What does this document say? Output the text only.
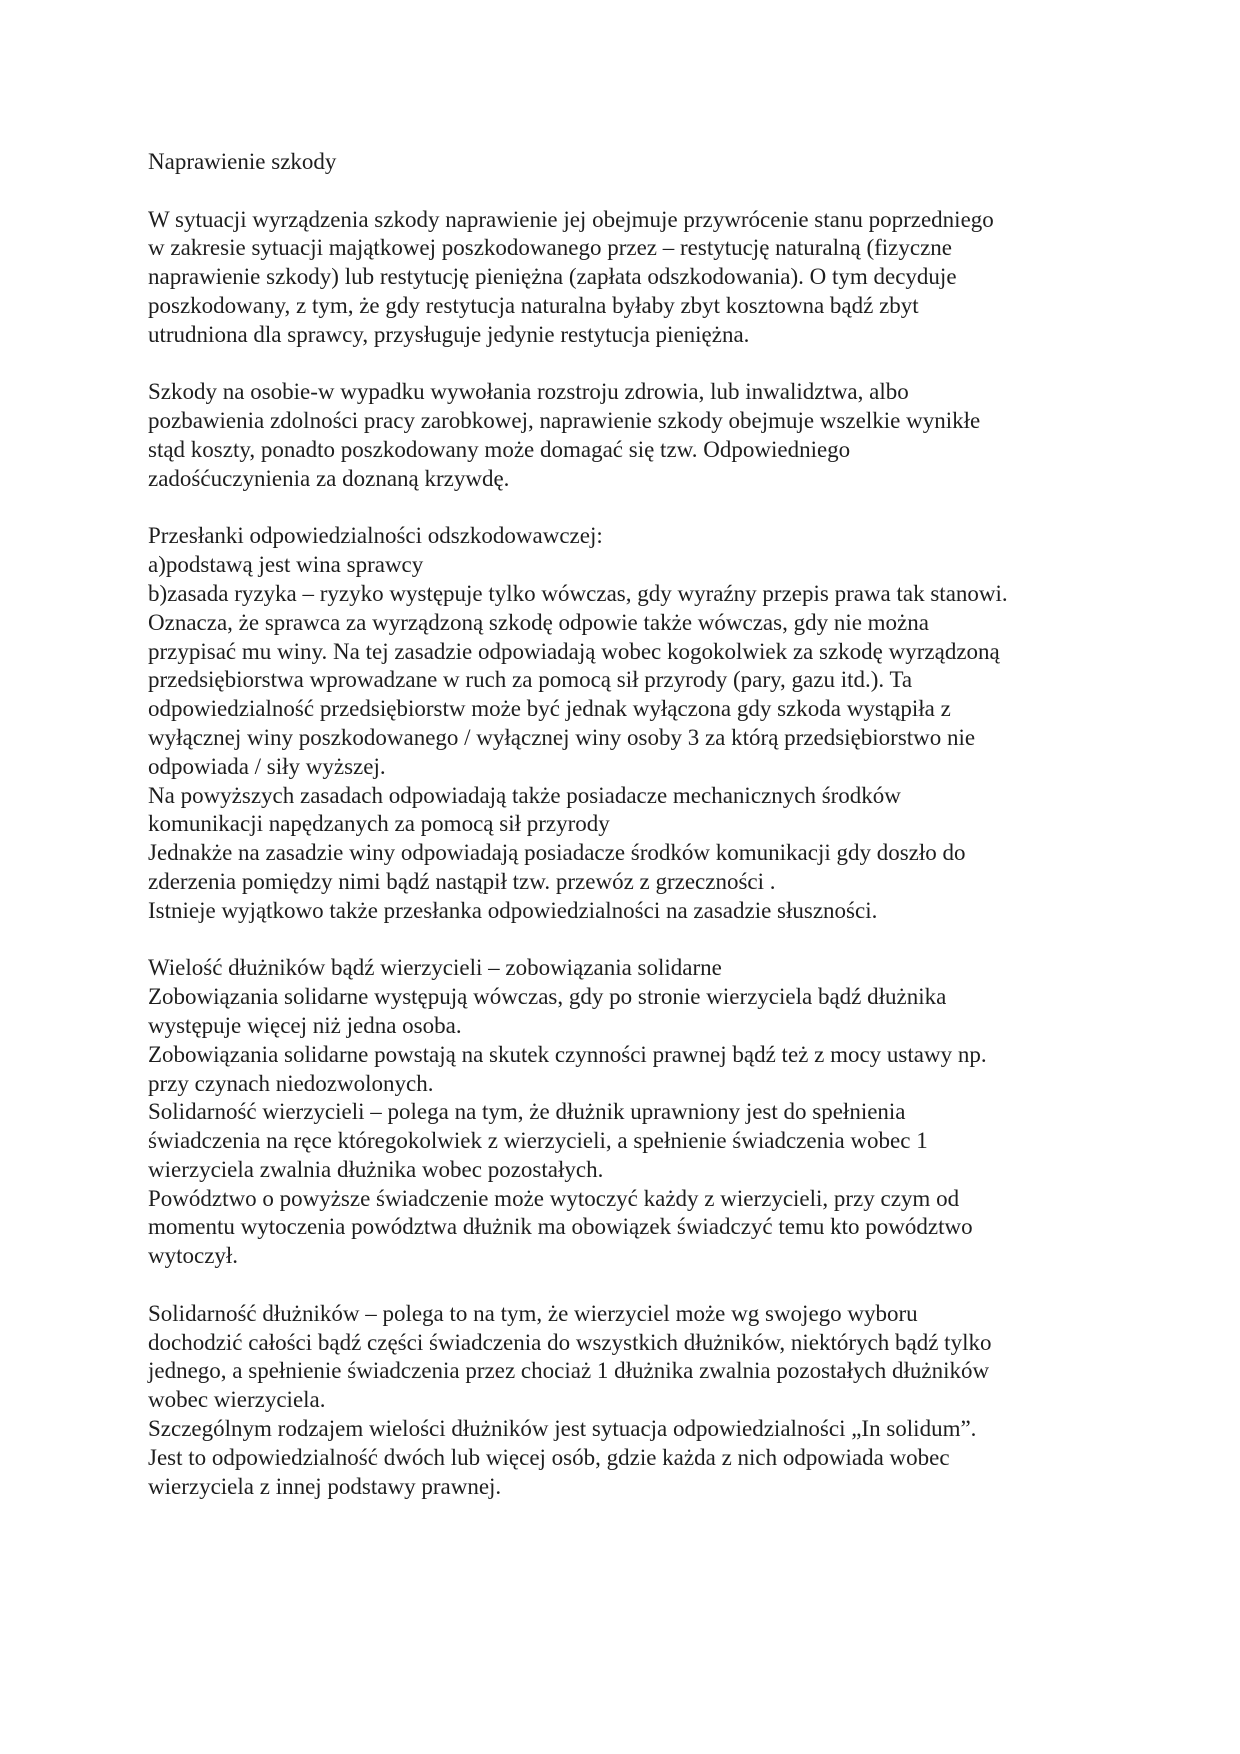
Naprawienie szkody
W sytuacji wyrządzenia szkody naprawienie jej obejmuje przywrócenie stanu poprzedniego
w zakresie sytuacji majątkowej poszkodowanego przez – restytucję naturalną (fizyczne
naprawienie szkody) lub restytucję pieniężna (zapłata odszkodowania). O tym decyduje
poszkodowany, z tym, że gdy restytucja naturalna byłaby zbyt kosztowna bądź zbyt
utrudniona dla sprawcy, przysługuje jedynie restytucja pieniężna.
Szkody na osobie-w wypadku wywołania rozstroju zdrowia, lub inwalidztwa, albo
pozbawienia zdolności pracy zarobkowej, naprawienie szkody obejmuje wszelkie wynikłe
stąd koszty, ponadto poszkodowany może domagać się tzw. Odpowiedniego
zadośćuczynienia za doznaną krzywdę.
Przesłanki odpowiedzialności odszkodowawczej:
a)podstawą jest wina sprawcy
b)zasada ryzyka – ryzyko występuje tylko wówczas, gdy wyraźny przepis prawa tak stanowi.
Oznacza, że sprawca za wyrządzoną szkodę odpowie także wówczas, gdy nie można
przypisać mu winy. Na tej zasadzie odpowiadają wobec kogokolwiek za szkodę wyrządzoną
przedsiębiorstwa wprowadzane w ruch za pomocą sił przyrody (pary, gazu itd.). Ta
odpowiedzialność przedsiębiorstw może być jednak wyłączona gdy szkoda wystąpiła z
wyłącznej winy poszkodowanego / wyłącznej winy osoby 3 za którą przedsiębiorstwo nie
odpowiada / siły wyższej.
Na powyższych zasadach odpowiadają także posiadacze mechanicznych środków
komunikacji napędzanych za pomocą sił przyrody
Jednakże na zasadzie winy odpowiadają posiadacze środków komunikacji gdy doszło do
zderzenia pomiędzy nimi bądź nastąpił tzw. przewóz z grzeczności .
Istnieje wyjątkowo także przesłanka odpowiedzialności na zasadzie słuszności.
Wielość dłużników bądź wierzycieli – zobowiązania solidarne
Zobowiązania solidarne występują wówczas, gdy po stronie wierzyciela bądź dłużnika
występuje więcej niż jedna osoba.
Zobowiązania solidarne powstają na skutek czynności prawnej bądź też z mocy ustawy np.
przy czynach niedozwolonych.
Solidarność wierzycieli – polega na tym, że dłużnik uprawniony jest do spełnienia
świadczenia na ręce któregokolwiek z wierzycieli, a spełnienie świadczenia wobec 1
wierzyciela zwalnia dłużnika wobec pozostałych.
Powództwo o powyższe świadczenie może wytoczyć każdy z wierzycieli, przy czym od
momentu wytoczenia powództwa dłużnik ma obowiązek świadczyć temu kto powództwo
wytoczył.
Solidarność dłużników – polega to na tym, że wierzyciel może wg swojego wyboru
dochodzić całości bądź części świadczenia do wszystkich dłużników, niektórych bądź tylko
jednego, a spełnienie świadczenia przez chociaż 1 dłużnika zwalnia pozostałych dłużników
wobec wierzyciela.
Szczególnym rodzajem wielości dłużników jest sytuacja odpowiedzialności „In solidum”.
Jest to odpowiedzialność dwóch lub więcej osób, gdzie każda z nich odpowiada wobec
wierzyciela z innej podstawy prawnej.
